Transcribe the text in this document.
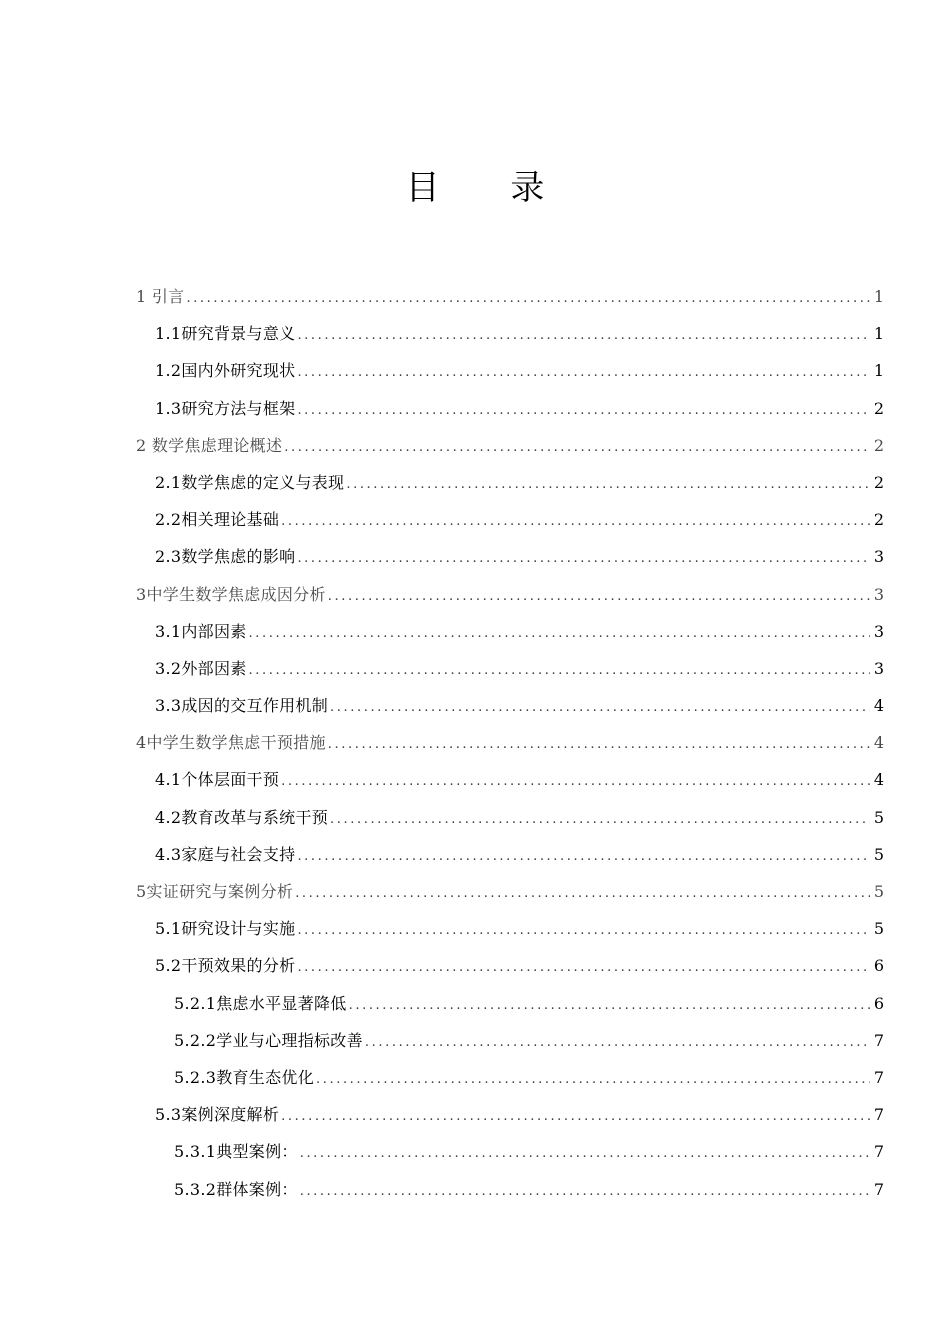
目 录
1 引言 .....	1
1.1研究背景与意义 .....	1
1.2国内外研究现状 .....	1
1.3研究方法与框架 .....	2
2 数学焦虑理论概述 .....	2
2.1数学焦虑的定义与表现 .....	2
2.2相关理论基础 .....	2
2.3数学焦虑的影响 .....	3
3中学生数学焦虑成因分析 .....	3
3.1内部因素 .....	3
3.2外部因素 .....	3
3.3成因的交互作用机制 .....	4
4中学生数学焦虑干预措施 .....	4
4.1个体层面干预 .....	4
4.2教育改革与系统干预 .....	5
4.3家庭与社会支持 .....	5
5实证研究与案例分析 .....	5
5.1研究设计与实施 .....	5
5.2干预效果的分析 .....	6
5.2.1焦虑水平显著降低 .....	6
5.2.2学业与心理指标改善 .....	7
5.2.3教育生态优化 .....	7
5.3案例深度解析 .....	7
5.3.1典型案例： .....	7
5.3.2群体案例： .....	7
